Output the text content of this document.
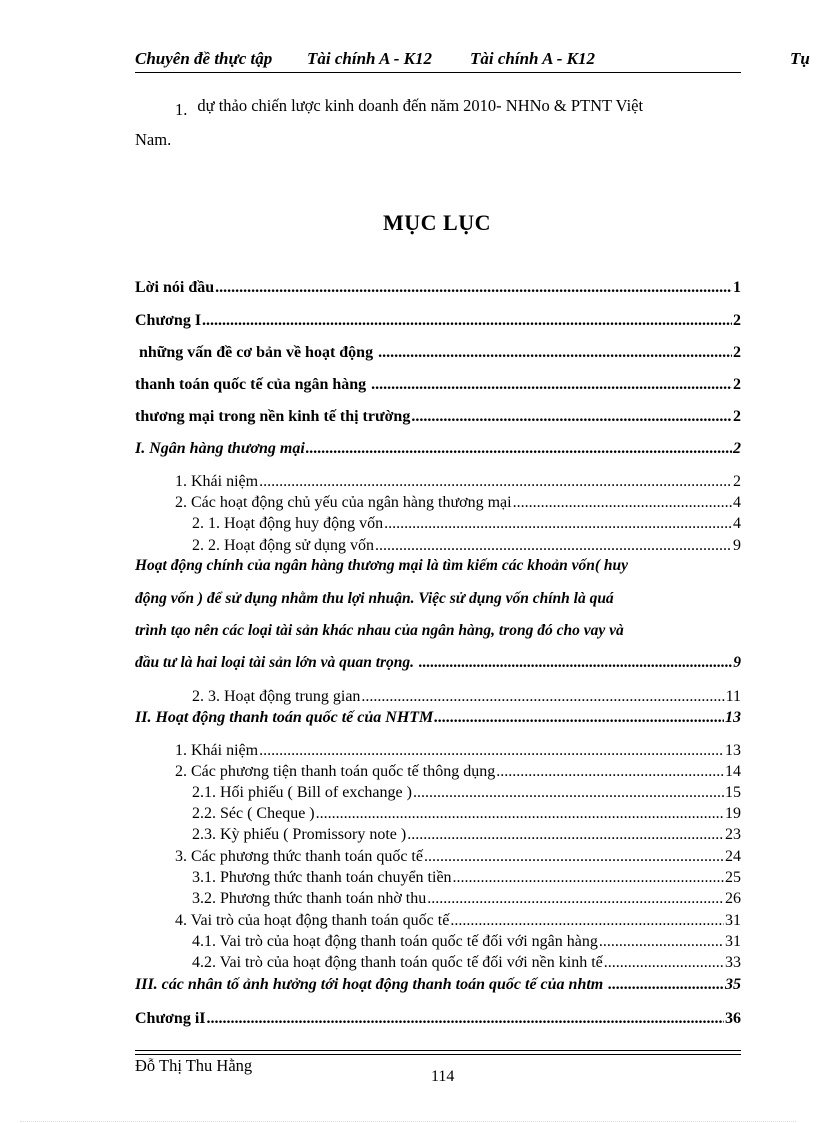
Chuyên đề thực tập Tài chính A - K12 Tài chính A - K12	Tụ
1. dự thảo chiến lược kinh doanh đến năm 2010- NHNo & PTNT Việt
Nam.
MỤC LỤC
Lời nói đầu .....	1
Chương I .....	2
những vấn đề cơ bản về hoạt động .....	2
thanh toán quốc tế của ngân hàng .....	2
thương mại trong nền kinh tế thị trường .....	2
I. Ngân hàng thương mại .....	2
1. Khái niệm .....	2
2. Các hoạt động chủ yếu của ngân hàng thương mại .....	4
2. 1. Hoạt động huy động vốn .....	4
2. 2. Hoạt động sử dụng vốn .....	9
Hoạt động chính của ngân hàng thương mại là tìm kiếm các khoản vốn( huy
động vốn ) để sử dụng nhằm thu lợi nhuận. Việc sử dụng vốn chính là quá
trình tạo nên các loại tài sản khác nhau của ngân hàng, trong đó cho vay và
đầu tư là hai loại tài sản lớn và quan trọng. .....	9
2. 3. Hoạt động trung gian .....	11
II. Hoạt động thanh toán quốc tế của NHTM .....	13
1. Khái niệm .....	13
2. Các phương tiện thanh toán quốc tế thông dụng .....	14
2.1. Hối phiếu ( Bill of exchange ) .....	15
2.2. Séc ( Cheque ) .....	19
2.3. Kỳ phiếu ( Promissory note ) .....	23
3. Các phương thức thanh toán quốc tế .....	24
3.1. Phương thức thanh toán chuyển tiền .....	25
3.2. Phương thức thanh toán nhờ thu .....	26
4. Vai trò của hoạt động thanh toán quốc tế .....	31
4.1. Vai trò của hoạt động thanh toán quốc tế đối với ngân hàng .....	31
4.2. Vai trò của hoạt động thanh toán quốc tế đối với nền kinh tế .....	33
III. các nhân tố ảnh hưởng tới hoạt động thanh toán quốc tế của nhtm .....	35
Chương iI .....	36
Đỗ Thị Thu Hằng
114
